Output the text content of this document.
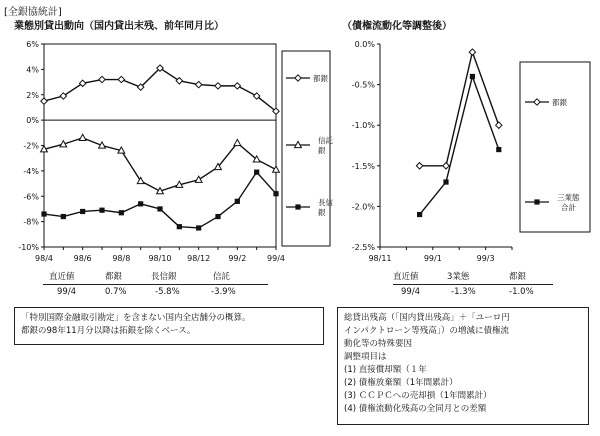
[全銀協統計]
業態別貸出動向（国内貸出末残、前年同月比）	（債権流動化等調整後）
6%
4%
2%
0%
-2%
-4%
-6%
-8%
-10%
98/4	98/6	98/8 98/10 98/12 99/2	99/4
都銀
信託
銀
長信
銀
0.0%
-0.5%
-1.0%
-1.5%
-2.0%
-2.5%
98/11	99/1	99/3
都銀
三業態
合計
直近値	都銀	長信銀	信託
99/4	0.7%	-5.8%	-3.9%
直近値	3業態	都銀
99/4	-1.3%	-1.0%
「特別国際金融取引勘定」を含まない国内全店舗分の概算。
都銀の98年11月分以降は拓銀を除くベース。
総貸出残高（「国内貸出残高」＋「ユーロ円
インパクトローン等残高」）の増減に債権流
動化等の特殊要因
調整項目は
(1) 直接償却額（１年
(2) 債権放棄額（1年間累計）
(3) ＣＣＰＣへの売却損（1年間累計）
(4) 債権流動化残高の全同月との差額
